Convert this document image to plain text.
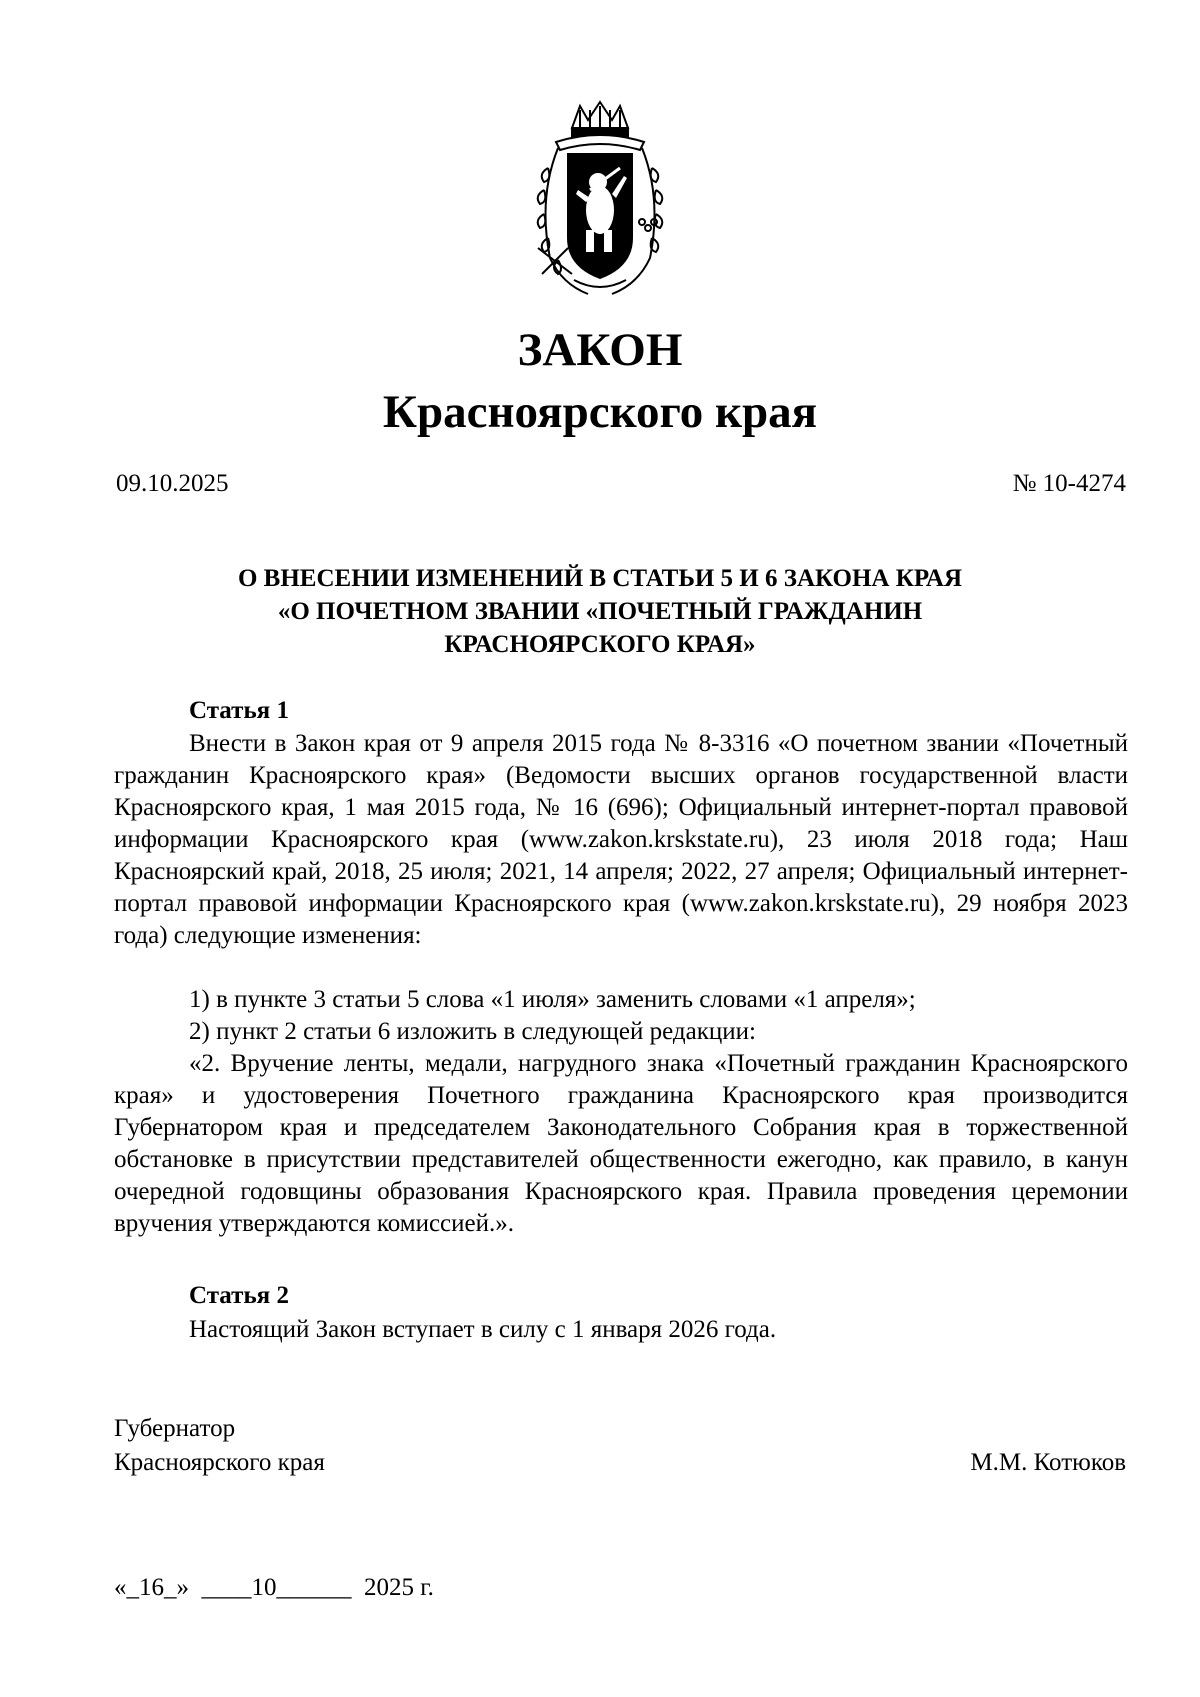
ЗАКОН
Красноярского края
09.10.2025	№ 10-4274
О ВНЕСЕНИИ ИЗМЕНЕНИЙ В СТАТЬИ 5 И 6 ЗАКОНА КРАЯ
«О ПОЧЕТНОМ ЗВАНИИ «ПОЧЕТНЫЙ ГРАЖДАНИН
КРАСНОЯРСКОГО КРАЯ»
Статья 1

Внести в Закон края от 9 апреля 2015 года № 8-3316 «О почетном звании «Почетный гражданин Красноярского края» (Ведомости высших органов государственной власти Красноярского края, 1 мая 2015 года, № 16 (696); Официальный интернет-портал правовой информации Красноярского края (www.zakon.krskstate.ru), 23 июля 2018 года; Наш Красноярский край, 2018, 25 июля; 2021, 14 апреля; 2022, 27 апреля; Официальный интернет-портал правовой информации Красноярского края (www.zakon.krskstate.ru), 29 ноября 2023 года) следующие изменения:

1) в пункте 3 статьи 5 слова «1 июля» заменить словами «1 апреля»;

2) пункт 2 статьи 6 изложить в следующей редакции:

«2. Вручение ленты, медали, нагрудного знака «Почетный гражданин Красноярского края» и удостоверения Почетного гражданина Красноярского края производится Губернатором края и председателем Законодательного Собрания края в торжественной обстановке в присутствии представителей общественности ежегодно, как правило, в канун очередной годовщины образования Красноярского края. Правила проведения церемонии вручения утверждаются комиссией.».

Статья 2

Настоящий Закон вступает в силу с 1 января 2026 года.

Губернатор
Красноярского края	М.М. Котюков
«_16_»  ____10______  2025 г.
